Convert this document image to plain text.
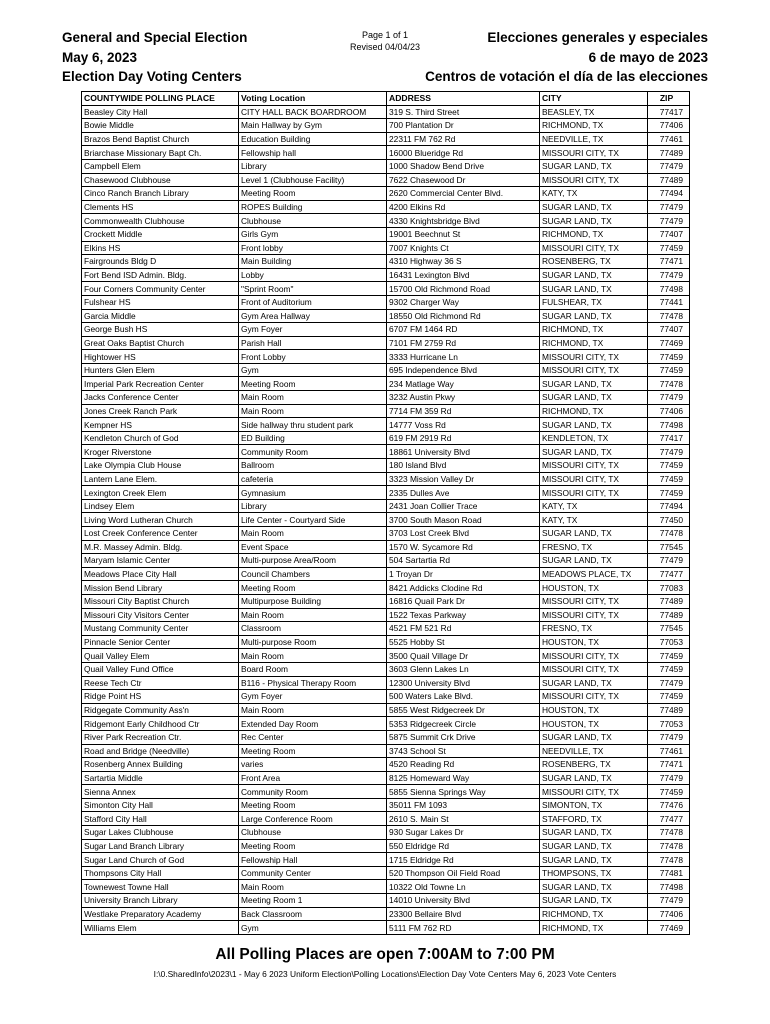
General and Special Election
May 6, 2023
Election Day Voting Centers
Page 1 of 1
Revised 04/04/23
Elecciones generales y especiales
6 de mayo de 2023
Centros de votación el día de las elecciones
COUNTYWIDE POLLING PLACE	Voting Location	ADDRESS	CITY	ZIP
Beasley City Hall	CITY HALL BACK BOARDROOM	319 S. Third Street	BEASLEY, TX	77417
Bowie Middle	Main Hallway by Gym	700 Plantation Dr	RICHMOND, TX	77406
Brazos Bend Baptist Church	Education Building	22311 FM 762 Rd	NEEDVILLE, TX	77461
Briarchase Missionary Bapt Ch.	Fellowship hall	16000 Blueridge Rd	MISSOURI CITY, TX	77489
Campbell Elem	Library	1000 Shadow Bend Drive	SUGAR LAND, TX	77479
Chasewood Clubhouse	Level 1 (Clubhouse Facility)	7622 Chasewood Dr	MISSOURI CITY, TX	77489
Cinco Ranch Branch Library	Meeting Room	2620 Commercial Center Blvd.	KATY, TX	77494
Clements HS	ROPES Building	4200 Elkins Rd	SUGAR LAND, TX	77479
Commonwealth Clubhouse	Clubhouse	4330 Knightsbridge Blvd	SUGAR LAND, TX	77479
Crockett Middle	Girls Gym	19001 Beechnut St	RICHMOND, TX	77407
Elkins HS	Front lobby	7007 Knights Ct	MISSOURI CITY, TX	77459
Fairgrounds Bldg D	Main Building	4310 Highway 36 S	ROSENBERG, TX	77471
Fort Bend ISD Admin. Bldg.	Lobby	16431 Lexington Blvd	SUGAR LAND, TX	77479
Four Corners Community Center	"Sprint Room"	15700 Old Richmond Road	SUGAR LAND, TX	77498
Fulshear HS	Front of Auditorium	9302 Charger Way	FULSHEAR, TX	77441
Garcia Middle	Gym Area Hallway	18550 Old Richmond Rd	SUGAR LAND, TX	77478
George Bush HS	Gym Foyer	6707 FM 1464 RD	RICHMOND, TX	77407
Great Oaks Baptist Church	Parish Hall	7101 FM 2759 Rd	RICHMOND, TX	77469
Hightower HS	Front Lobby	3333 Hurricane Ln	MISSOURI CITY, TX	77459
Hunters Glen Elem	Gym	695 Independence Blvd	MISSOURI CITY, TX	77459
Imperial Park Recreation Center	Meeting Room	234 Matlage Way	SUGAR LAND, TX	77478
Jacks Conference Center	Main Room	3232 Austin Pkwy	SUGAR LAND, TX	77479
Jones Creek Ranch Park	Main Room	7714 FM 359 Rd	RICHMOND, TX	77406
Kempner HS	Side hallway thru student park	14777 Voss Rd	SUGAR LAND, TX	77498
Kendleton Church of God	ED Building	619 FM 2919 Rd	KENDLETON, TX	77417
Kroger Riverstone	Community Room	18861 University Blvd	SUGAR LAND, TX	77479
Lake Olympia Club House	Ballroom	180 Island Blvd	MISSOURI CITY, TX	77459
Lantern Lane Elem.	cafeteria	3323 Mission Valley Dr	MISSOURI CITY, TX	77459
Lexington Creek Elem	Gymnasium	2335 Dulles Ave	MISSOURI CITY, TX	77459
Lindsey Elem	Library	2431 Joan Collier Trace	KATY, TX	77494
Living Word Lutheran Church	Life Center - Courtyard Side	3700 South Mason Road	KATY, TX	77450
Lost Creek Conference Center	Main Room	3703 Lost Creek Blvd	SUGAR LAND, TX	77478
M.R. Massey Admin. Bldg.	Event Space	1570 W. Sycamore Rd	FRESNO, TX	77545
Maryam Islamic Center	Multi-purpose Area/Room	504 Sartartia Rd	SUGAR LAND, TX	77479
Meadows Place City Hall	Council Chambers	1 Troyan Dr	MEADOWS PLACE, TX	77477
Mission Bend Library	Meeting Room	8421 Addicks Clodine Rd	HOUSTON, TX	77083
Missouri City Baptist Church	Multipurpose Building	16816 Quail Park Dr	MISSOURI CITY, TX	77489
Missouri City Visitors Center	Main Room	1522 Texas Parkway	MISSOURI CITY, TX	77489
Mustang Community Center	Classroom	4521 FM 521 Rd	FRESNO, TX	77545
Pinnacle Senior Center	Multi-purpose Room	5525 Hobby St	HOUSTON, TX	77053
Quail Valley Elem	Main Room	3500 Quail Village Dr	MISSOURI CITY, TX	77459
Quail Valley Fund Office	Board Room	3603 Glenn Lakes Ln	MISSOURI CITY, TX	77459
Reese Tech Ctr	B116 - Physical Therapy Room	12300 University Blvd	SUGAR LAND, TX	77479
Ridge Point HS	Gym Foyer	500 Waters Lake Blvd.	MISSOURI CITY, TX	77459
Ridgegate Community Ass'n	Main Room	5855 West Ridgecreek Dr	HOUSTON, TX	77489
Ridgemont Early Childhood Ctr	Extended Day Room	5353 Ridgecreek Circle	HOUSTON, TX	77053
River Park Recreation Ctr.	Rec Center	5875 Summit Crk Drive	SUGAR LAND, TX	77479
Road and Bridge (Needville)	Meeting Room	3743 School St	NEEDVILLE, TX	77461
Rosenberg Annex Building	varies	4520 Reading Rd	ROSENBERG, TX	77471
Sartartia Middle	Front Area	8125 Homeward Way	SUGAR LAND, TX	77479
Sienna Annex	Community Room	5855 Sienna Springs Way	MISSOURI CITY, TX	77459
Simonton City Hall	Meeting Room	35011 FM 1093	SIMONTON, TX	77476
Stafford City Hall	Large Conference Room	2610 S. Main St	STAFFORD, TX	77477
Sugar Lakes Clubhouse	Clubhouse	930 Sugar Lakes Dr	SUGAR LAND, TX	77478
Sugar Land Branch Library	Meeting Room	550 Eldridge Rd	SUGAR LAND, TX	77478
Sugar Land Church of God	Fellowship Hall	1715 Eldridge Rd	SUGAR LAND, TX	77478
Thompsons City Hall	Community Center	520 Thompson Oil Field Road	THOMPSONS, TX	77481
Townewest Towne Hall	Main Room	10322 Old Towne Ln	SUGAR LAND, TX	77498
University Branch Library	Meeting Room 1	14010 University Blvd	SUGAR LAND, TX	77479
Westlake Preparatory Academy	Back Classroom	23300 Bellaire Blvd	RICHMOND, TX	77406
Williams Elem	Gym	5111 FM 762 RD	RICHMOND, TX	77469
All Polling Places are open 7:00AM to 7:00 PM
I:\0.SharedInfo\2023\1 - May 6 2023 Uniform Election\Polling Locations\Election Day Vote Centers May 6, 2023 Vote Centers
